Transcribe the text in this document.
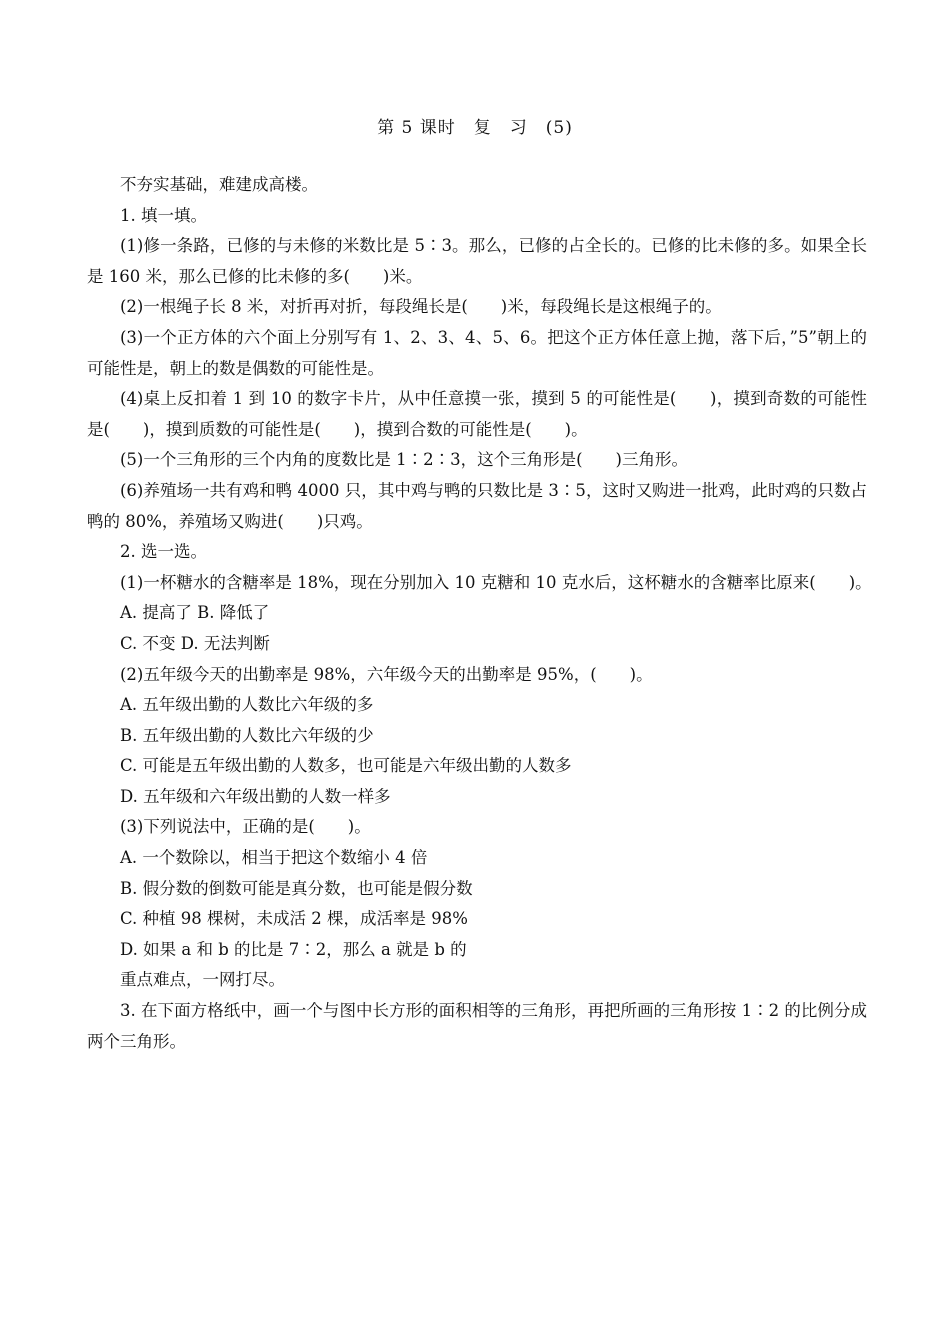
第 5 课时　复　习　(5)
不夯实基础，难建成高楼。
1. 填一填。
(1)修一条路，已修的与未修的米数比是 5∶3。那么，已修的占全长的。已修的比未修的多。如果全长是 160 米，那么已修的比未修的多(　　)米。
(2)一根绳子长 8 米，对折再对折，每段绳长是(　　)米，每段绳长是这根绳子的。
(3)一个正方体的六个面上分别写有 1、2、3、4、5、6。把这个正方体任意上抛，落下后，”5”朝上的可能性是，朝上的数是偶数的可能性是。
(4)桌上反扣着 1 到 10 的数字卡片，从中任意摸一张，摸到 5 的可能性是(　　)，摸到奇数的可能性是(　　)，摸到质数的可能性是(　　)，摸到合数的可能性是(　　)。
(5)一个三角形的三个内角的度数比是 1∶2∶3，这个三角形是(　　)三角形。
(6)养殖场一共有鸡和鸭 4000 只，其中鸡与鸭的只数比是 3∶5，这时又购进一批鸡，此时鸡的只数占鸭的 80%，养殖场又购进(　　)只鸡。
2. 选一选。
(1)一杯糖水的含糖率是 18%，现在分别加入 10 克糖和 10 克水后，这杯糖水的含糖率比原来(　　)。
A. 提高了 B. 降低了
C. 不变 D. 无法判断
(2)五年级今天的出勤率是 98%，六年级今天的出勤率是 95%，(　　)。
A. 五年级出勤的人数比六年级的多
B. 五年级出勤的人数比六年级的少
C. 可能是五年级出勤的人数多，也可能是六年级出勤的人数多
D. 五年级和六年级出勤的人数一样多
(3)下列说法中，正确的是(　　)。
A. 一个数除以，相当于把这个数缩小 4 倍
B. 假分数的倒数可能是真分数，也可能是假分数
C. 种植 98 棵树，未成活 2 棵，成活率是 98%
D. 如果 a 和 b 的比是 7∶2，那么 a 就是 b 的
重点难点，一网打尽。
3. 在下面方格纸中，画一个与图中长方形的面积相等的三角形，再把所画的三角形按 1∶2 的比例分成两个三角形。
